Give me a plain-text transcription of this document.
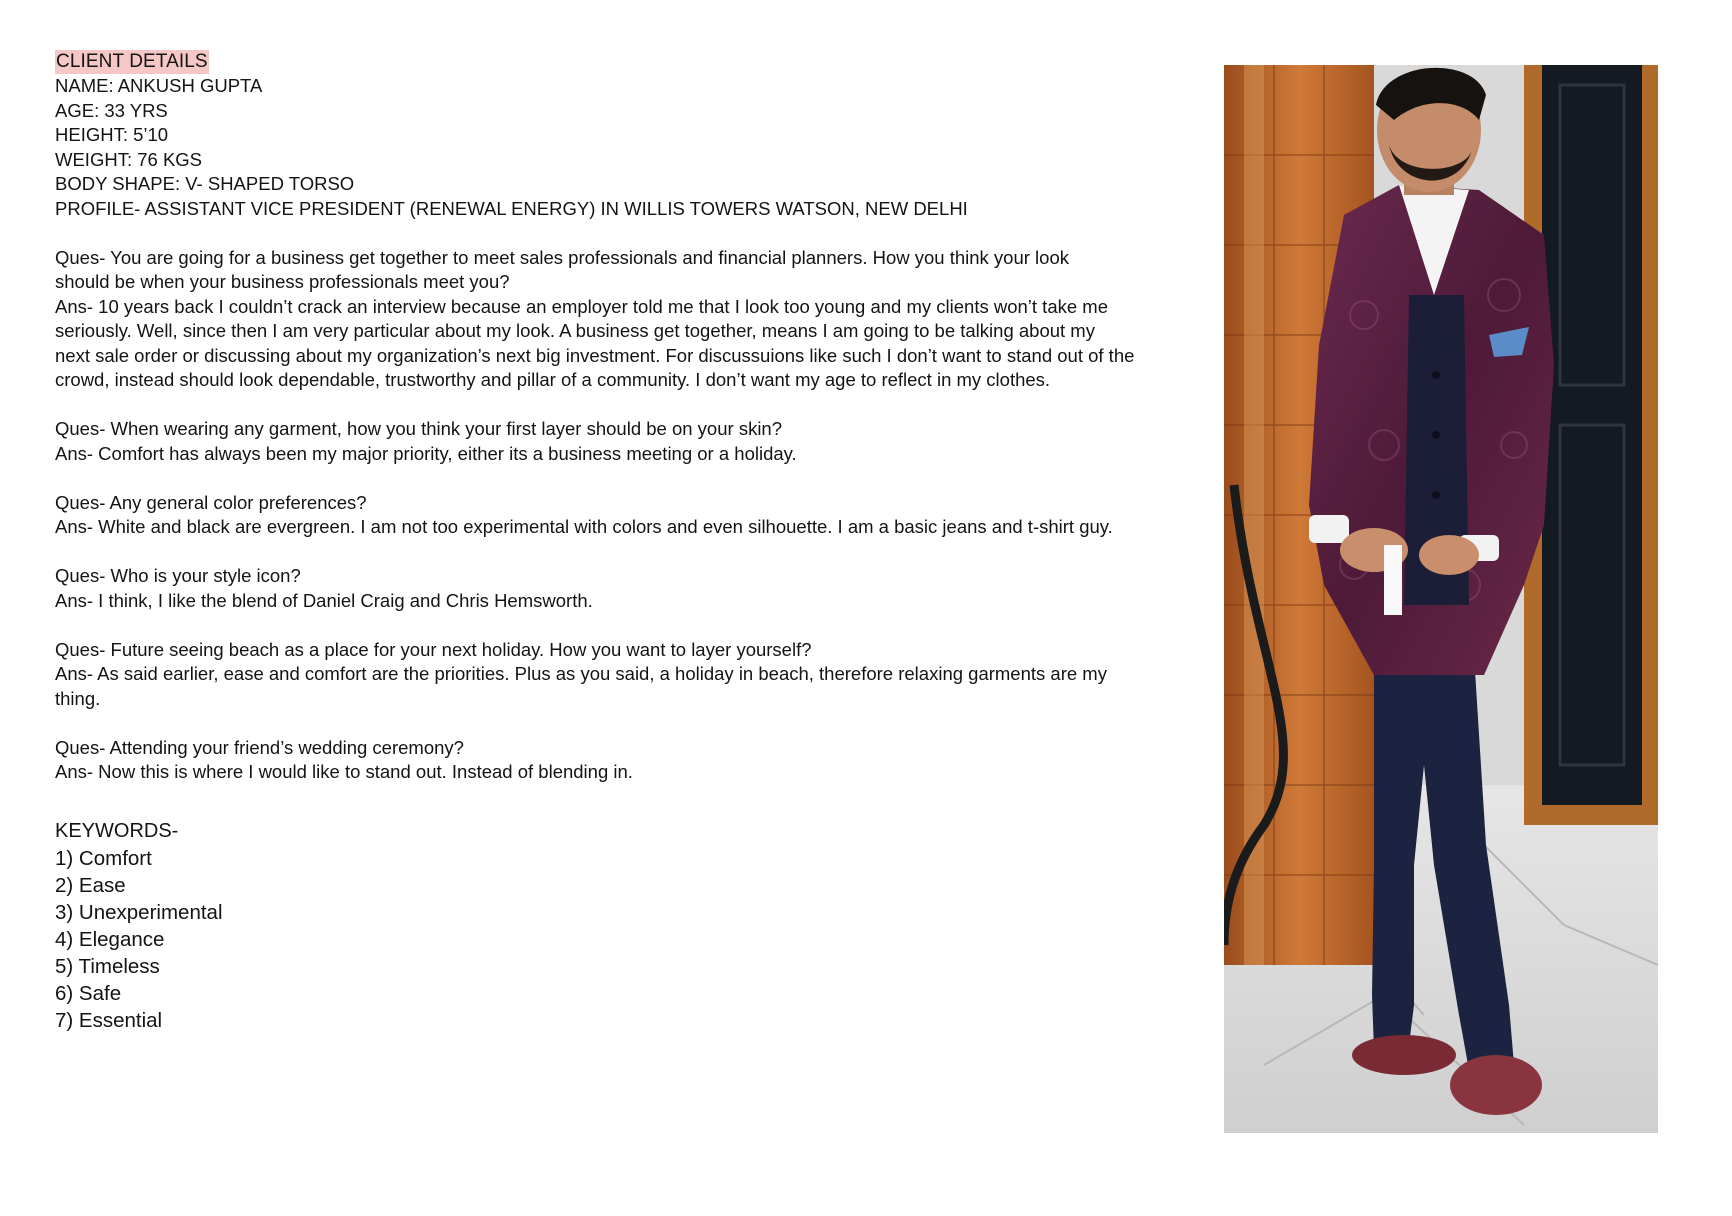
CLIENT DETAILS
NAME: ANKUSH GUPTA
AGE: 33 YRS
HEIGHT: 5’10
WEIGHT: 76 KGS
BODY SHAPE: V- SHAPED TORSO
PROFILE- ASSISTANT VICE PRESIDENT (RENEWAL ENERGY) IN WILLIS TOWERS WATSON, NEW DELHI
Ques- You are going for a business get together to meet sales professionals and financial planners. How you think your look
should be when your business professionals meet you?
Ans- 10 years back I couldn’t crack an interview because an employer told me that I look too young and my clients won’t take me
seriously. Well, since then I am very particular about my look. A business get together, means I am going to be talking about my
next sale order or discussing about my organization’s next big investment. For discussuions like such I don’t want to stand out of the
crowd, instead should look dependable, trustworthy and pillar of a community. I don’t want my age to reflect in my clothes.
Ques- When wearing any garment, how you think your first layer should be on your skin?
Ans- Comfort has always been my major priority, either its a business meeting or a holiday.
Ques- Any general color preferences?
Ans- White and black are evergreen. I am not too experimental with colors and even silhouette. I am a basic jeans and t-shirt guy.
Ques- Who is your style icon?
Ans- I think, I like the blend of Daniel Craig and Chris Hemsworth.
Ques- Future seeing beach as a place for your next holiday. How you want to layer yourself?
Ans- As said earlier, ease and comfort are the priorities. Plus as you said, a holiday in beach, therefore relaxing garments are my
thing.
Ques- Attending your friend’s wedding ceremony?
Ans- Now this is where I would like to stand out. Instead of blending in.
KEYWORDS-
1) Comfort
2) Ease
3) Unexperimental
4) Elegance
5) Timeless
6) Safe
7) Essential
